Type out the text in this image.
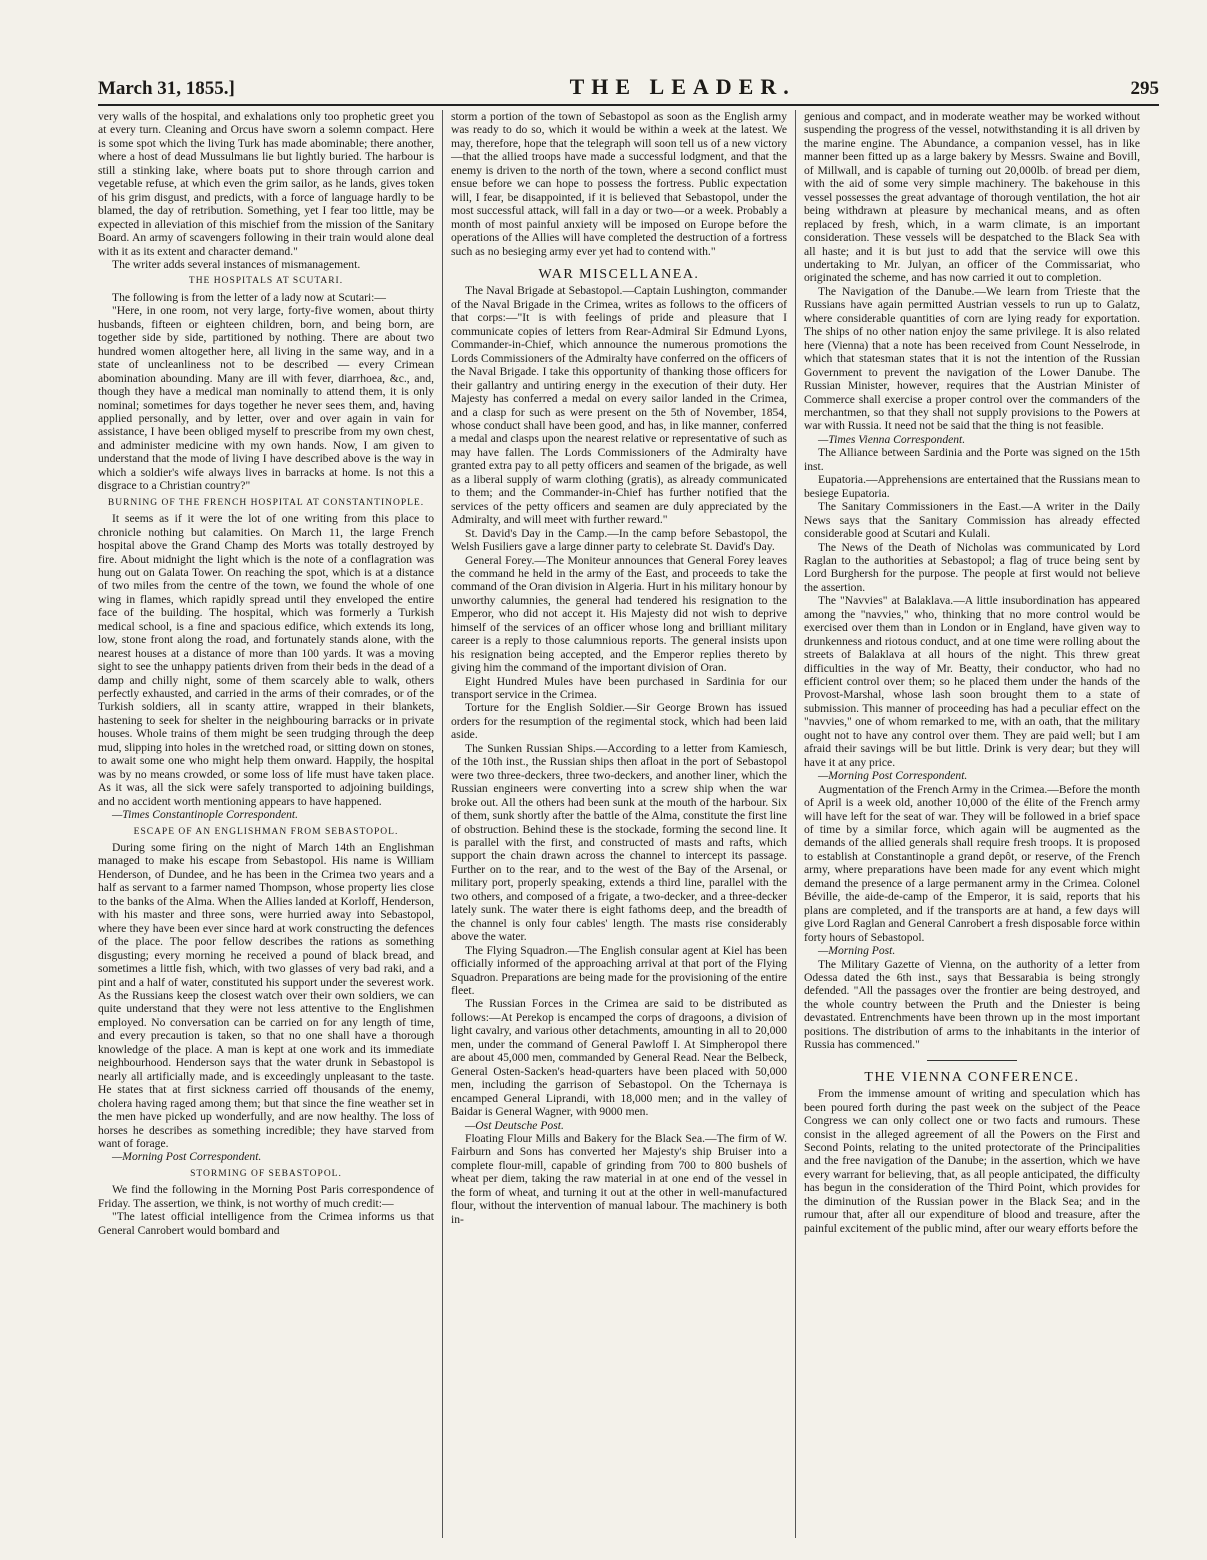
March 31, 1855.]	THE LEADER.	295

very walls of the hospital, and exhalations only too prophetic greet you at every turn. Cleaning and Orcus have sworn a solemn compact. Here is some spot which the living Turk has made abominable; there another, where a host of dead Mussulmans lie but lightly buried. The harbour is still a stinking lake, where boats put to shore through carrion and vegetable refuse, at which even the grim sailor, as he lands, gives token of his grim disgust, and predicts, with a force of language hardly to be blamed, the day of retribution. Something, yet I fear too little, may be expected in alleviation of this mischief from the mission of the Sanitary Board. An army of scavengers following in their train would alone deal with it as its extent and character demand."

The writer adds several instances of mismanagement.

THE HOSPITALS AT SCUTARI.

The following is from the letter of a lady now at Scutari:—

"Here, in one room, not very large, forty-five women, about thirty husbands, fifteen or eighteen children, born, and being born, are together side by side, partitioned by nothing. There are about two hundred women altogether here, all living in the same way, and in a state of uncleanliness not to be described — every Crimean abomination abounding. Many are ill with fever, diarrhoea, &c., and, though they have a medical man nominally to attend them, it is only nominal; sometimes for days together he never sees them, and, having applied personally, and by letter, over and over again in vain for assistance, I have been obliged myself to prescribe from my own chest, and administer medicine with my own hands. Now, I am given to understand that the mode of living I have described above is the way in which a soldier's wife always lives in barracks at home. Is not this a disgrace to a Christian country?"

BURNING OF THE FRENCH HOSPITAL AT CONSTANTINOPLE.

It seems as if it were the lot of one writing from this place to chronicle nothing but calamities. On March 11, the large French hospital above the Grand Champ des Morts was totally destroyed by fire. About midnight the light which is the note of a conflagration was hung out on Galata Tower. On reaching the spot, which is at a distance of two miles from the centre of the town, we found the whole of one wing in flames, which rapidly spread until they enveloped the entire face of the building. The hospital, which was formerly a Turkish medical school, is a fine and spacious edifice, which extends its long, low, stone front along the road, and fortunately stands alone, with the nearest houses at a distance of more than 100 yards. It was a moving sight to see the unhappy patients driven from their beds in the dead of a damp and chilly night, some of them scarcely able to walk, others perfectly exhausted, and carried in the arms of their comrades, or of the Turkish soldiers, all in scanty attire, wrapped in their blankets, hastening to seek for shelter in the neighbouring barracks or in private houses. Whole trains of them might be seen trudging through the deep mud, slipping into holes in the wretched road, or sitting down on stones, to await some one who might help them onward. Happily, the hospital was by no means crowded, or some loss of life must have taken place. As it was, all the sick were safely transported to adjoining buildings, and no accident worth mentioning appears to have happened.

—Times Constantinople Correspondent.

ESCAPE OF AN ENGLISHMAN FROM SEBASTOPOL.

During some firing on the night of March 14th an Englishman managed to make his escape from Sebastopol. His name is William Henderson, of Dundee, and he has been in the Crimea two years and a half as servant to a farmer named Thompson, whose property lies close to the banks of the Alma. When the Allies landed at Korloff, Henderson, with his master and three sons, were hurried away into Sebastopol, where they have been ever since hard at work constructing the defences of the place. The poor fellow describes the rations as something disgusting; every morning he received a pound of black bread, and sometimes a little fish, which, with two glasses of very bad raki, and a pint and a half of water, constituted his support under the severest work. As the Russians keep the closest watch over their own soldiers, we can quite understand that they were not less attentive to the Englishmen employed. No conversation can be carried on for any length of time, and every precaution is taken, so that no one shall have a thorough knowledge of the place. A man is kept at one work and its immediate neighbourhood. Henderson says that the water drunk in Sebastopol is nearly all artificially made, and is exceedingly unpleasant to the taste. He states that at first sickness carried off thousands of the enemy, cholera having raged among them; but that since the fine weather set in the men have picked up wonderfully, and are now healthy. The loss of horses he describes as something incredible; they have starved from want of forage.

—Morning Post Correspondent.

STORMING OF SEBASTOPOL.

We find the following in the Morning Post Paris correspondence of Friday. The assertion, we think, is not worthy of much credit:—

"The latest official intelligence from the Crimea informs us that General Canrobert would bombard and

storm a portion of the town of Sebastopol as soon as the English army was ready to do so, which it would be within a week at the latest. We may, therefore, hope that the telegraph will soon tell us of a new victory—that the allied troops have made a successful lodgment, and that the enemy is driven to the north of the town, where a second conflict must ensue before we can hope to possess the fortress. Public expectation will, I fear, be disappointed, if it is believed that Sebastopol, under the most successful attack, will fall in a day or two—or a week. Probably a month of most painful anxiety will be imposed on Europe before the operations of the Allies will have completed the destruction of a fortress such as no besieging army ever yet had to contend with."

WAR MISCELLANEA.

The Naval Brigade at Sebastopol.—Captain Lushington, commander of the Naval Brigade in the Crimea, writes as follows to the officers of that corps:—"It is with feelings of pride and pleasure that I communicate copies of letters from Rear-Admiral Sir Edmund Lyons, Commander-in-Chief, which announce the numerous promotions the Lords Commissioners of the Admiralty have conferred on the officers of the Naval Brigade. I take this opportunity of thanking those officers for their gallantry and untiring energy in the execution of their duty. Her Majesty has conferred a medal on every sailor landed in the Crimea, and a clasp for such as were present on the 5th of November, 1854, whose conduct shall have been good, and has, in like manner, conferred a medal and clasps upon the nearest relative or representative of such as may have fallen. The Lords Commissioners of the Admiralty have granted extra pay to all petty officers and seamen of the brigade, as well as a liberal supply of warm clothing (gratis), as already communicated to them; and the Commander-in-Chief has further notified that the services of the petty officers and seamen are duly appreciated by the Admiralty, and will meet with further reward."

St. David's Day in the Camp.—In the camp before Sebastopol, the Welsh Fusiliers gave a large dinner party to celebrate St. David's Day.

General Forey.—The Moniteur announces that General Forey leaves the command he held in the army of the East, and proceeds to take the command of the Oran division in Algeria. Hurt in his military honour by unworthy calumnies, the general had tendered his resignation to the Emperor, who did not accept it. His Majesty did not wish to deprive himself of the services of an officer whose long and brilliant military career is a reply to those calumnious reports. The general insists upon his resignation being accepted, and the Emperor replies thereto by giving him the command of the important division of Oran.

Eight Hundred Mules have been purchased in Sardinia for our transport service in the Crimea.

Torture for the English Soldier.—Sir George Brown has issued orders for the resumption of the regimental stock, which had been laid aside.

The Sunken Russian Ships.—According to a letter from Kamiesch, of the 10th inst., the Russian ships then afloat in the port of Sebastopol were two three-deckers, three two-deckers, and another liner, which the Russian engineers were converting into a screw ship when the war broke out. All the others had been sunk at the mouth of the harbour. Six of them, sunk shortly after the battle of the Alma, constitute the first line of obstruction. Behind these is the stockade, forming the second line. It is parallel with the first, and constructed of masts and rafts, which support the chain drawn across the channel to intercept its passage. Further on to the rear, and to the west of the Bay of the Arsenal, or military port, properly speaking, extends a third line, parallel with the two others, and composed of a frigate, a two-decker, and a three-decker lately sunk. The water there is eight fathoms deep, and the breadth of the channel is only four cables' length. The masts rise considerably above the water.

The Flying Squadron.—The English consular agent at Kiel has been officially informed of the approaching arrival at that port of the Flying Squadron. Preparations are being made for the provisioning of the entire fleet.

The Russian Forces in the Crimea are said to be distributed as follows:—At Perekop is encamped the corps of dragoons, a division of light cavalry, and various other detachments, amounting in all to 20,000 men, under the command of General Pawloff I. At Simpheropol there are about 45,000 men, commanded by General Read. Near the Belbeck, General Osten-Sacken's head-quarters have been placed with 50,000 men, including the garrison of Sebastopol. On the Tchernaya is encamped General Liprandi, with 18,000 men; and in the valley of Baidar is General Wagner, with 9000 men.

—Ost Deutsche Post.

Floating Flour Mills and Bakery for the Black Sea.—The firm of W. Fairburn and Sons has converted her Majesty's ship Bruiser into a complete flour-mill, capable of grinding from 700 to 800 bushels of wheat per diem, taking the raw material in at one end of the vessel in the form of wheat, and turning it out at the other in well-manufactured flour, without the intervention of manual labour. The machinery is both in-

genious and compact, and in moderate weather may be worked without suspending the progress of the vessel, notwithstanding it is all driven by the marine engine. The Abundance, a companion vessel, has in like manner been fitted up as a large bakery by Messrs. Swaine and Bovill, of Millwall, and is capable of turning out 20,000lb. of bread per diem, with the aid of some very simple machinery. The bakehouse in this vessel possesses the great advantage of thorough ventilation, the hot air being withdrawn at pleasure by mechanical means, and as often replaced by fresh, which, in a warm climate, is an important consideration. These vessels will be despatched to the Black Sea with all haste; and it is but just to add that the service will owe this undertaking to Mr. Julyan, an officer of the Commissariat, who originated the scheme, and has now carried it out to completion.

The Navigation of the Danube.—We learn from Trieste that the Russians have again permitted Austrian vessels to run up to Galatz, where considerable quantities of corn are lying ready for exportation. The ships of no other nation enjoy the same privilege. It is also related here (Vienna) that a note has been received from Count Nesselrode, in which that statesman states that it is not the intention of the Russian Government to prevent the navigation of the Lower Danube. The Russian Minister, however, requires that the Austrian Minister of Commerce shall exercise a proper control over the commanders of the merchantmen, so that they shall not supply provisions to the Powers at war with Russia. It need not be said that the thing is not feasible.

—Times Vienna Correspondent.

The Alliance between Sardinia and the Porte was signed on the 15th inst.

Eupatoria.—Apprehensions are entertained that the Russians mean to besiege Eupatoria.

The Sanitary Commissioners in the East.—A writer in the Daily News says that the Sanitary Commission has already effected considerable good at Scutari and Kulali.

The News of the Death of Nicholas was communicated by Lord Raglan to the authorities at Sebastopol; a flag of truce being sent by Lord Burghersh for the purpose. The people at first would not believe the assertion.

The "Navvies" at Balaklava.—A little insubordination has appeared among the "navvies," who, thinking that no more control would be exercised over them than in London or in England, have given way to drunkenness and riotous conduct, and at one time were rolling about the streets of Balaklava at all hours of the night. This threw great difficulties in the way of Mr. Beatty, their conductor, who had no efficient control over them; so he placed them under the hands of the Provost-Marshal, whose lash soon brought them to a state of submission. This manner of proceeding has had a peculiar effect on the "navvies," one of whom remarked to me, with an oath, that the military ought not to have any control over them. They are paid well; but I am afraid their savings will be but little. Drink is very dear; but they will have it at any price.

—Morning Post Correspondent.

Augmentation of the French Army in the Crimea.—Before the month of April is a week old, another 10,000 of the élite of the French army will have left for the seat of war. They will be followed in a brief space of time by a similar force, which again will be augmented as the demands of the allied generals shall require fresh troops. It is proposed to establish at Constantinople a grand depôt, or reserve, of the French army, where preparations have been made for any event which might demand the presence of a large permanent army in the Crimea. Colonel Béville, the aide-de-camp of the Emperor, it is said, reports that his plans are completed, and if the transports are at hand, a few days will give Lord Raglan and General Canrobert a fresh disposable force within forty hours of Sebastopol.

—Morning Post.

The Military Gazette of Vienna, on the authority of a letter from Odessa dated the 6th inst., says that Bessarabia is being strongly defended. "All the passages over the frontier are being destroyed, and the whole country between the Pruth and the Dniester is being devastated. Entrenchments have been thrown up in the most important positions. The distribution of arms to the inhabitants in the interior of Russia has commenced."

THE VIENNA CONFERENCE.

From the immense amount of writing and speculation which has been poured forth during the past week on the subject of the Peace Congress we can only collect one or two facts and rumours. These consist in the alleged agreement of all the Powers on the First and Second Points, relating to the united protectorate of the Principalities and the free navigation of the Danube; in the assertion, which we have every warrant for believing, that, as all people anticipated, the difficulty has begun in the consideration of the Third Point, which provides for the diminution of the Russian power in the Black Sea; and in the rumour that, after all our expenditure of blood and treasure, after the painful excitement of the public mind, after our weary efforts before the
